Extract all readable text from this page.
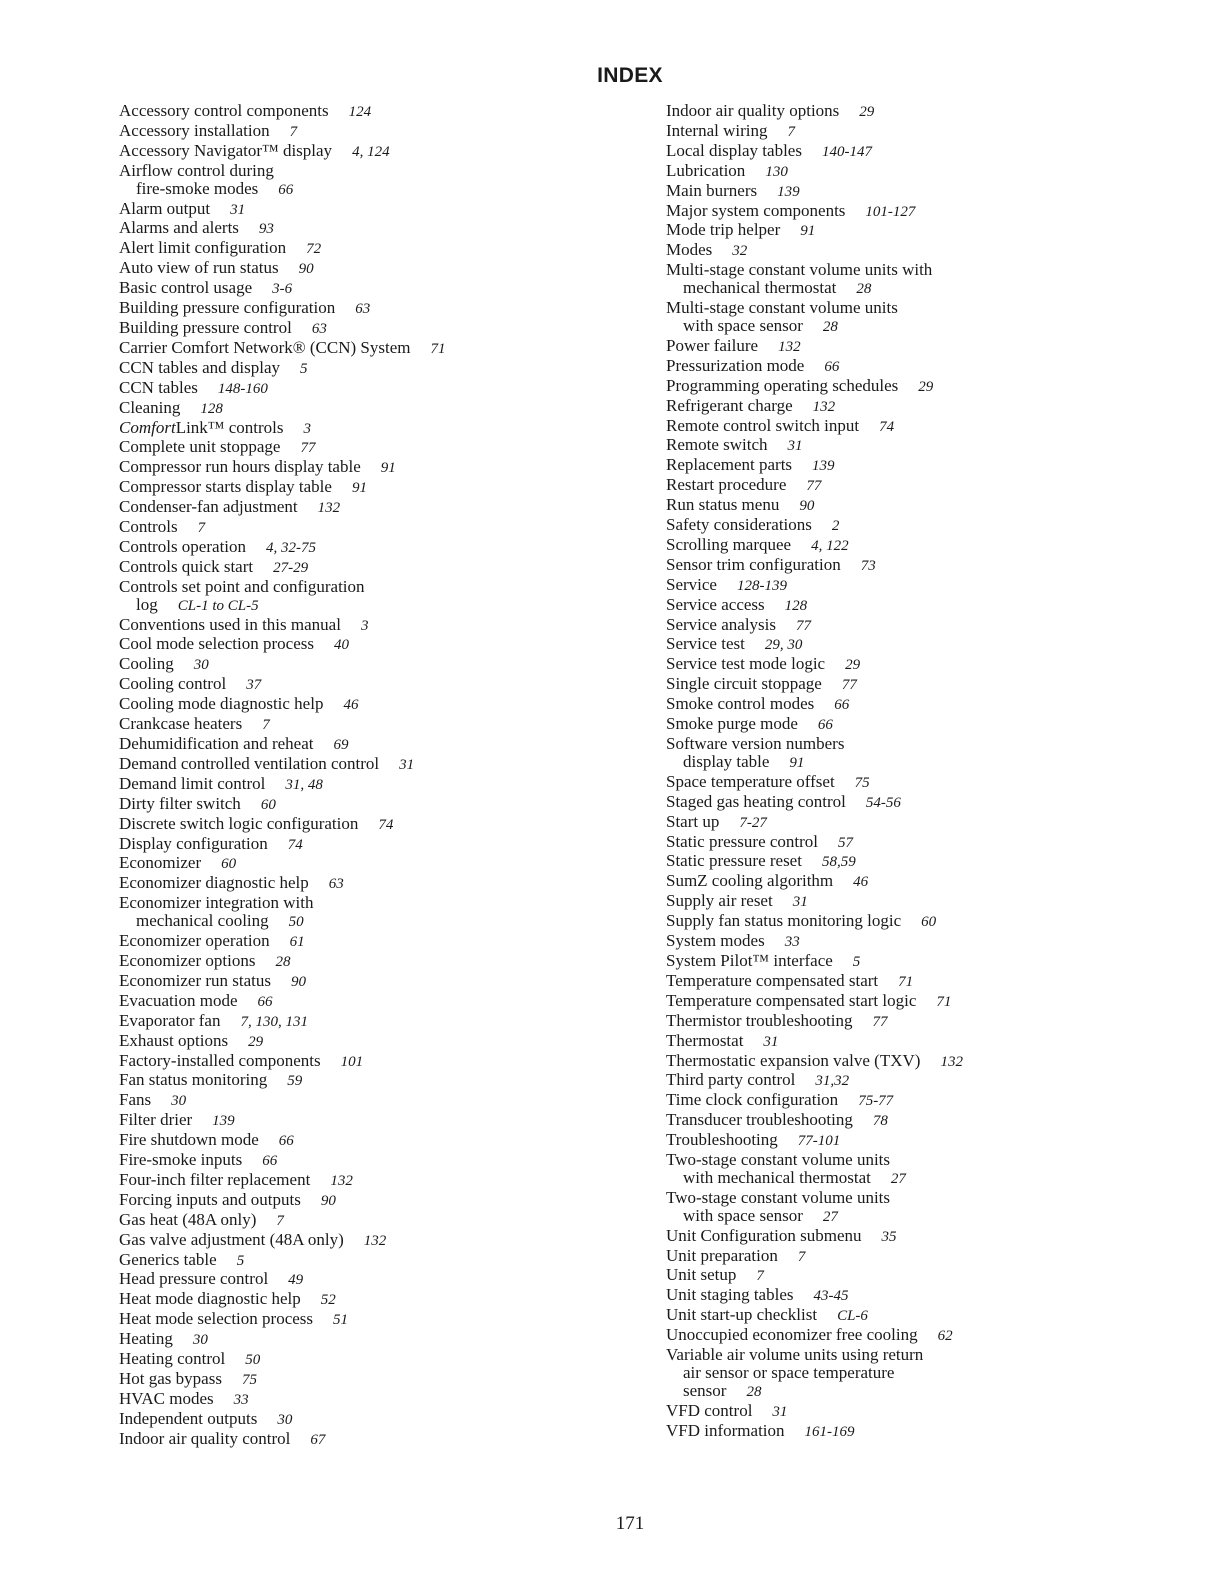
INDEX
Accessory control components 124
Accessory installation 7
Accessory Navigator™ display 4, 124
Airflow control during
fire-smoke modes 66
Alarm output 31
Alarms and alerts 93
Alert limit configuration 72
Auto view of run status 90
Basic control usage 3-6
Building pressure configuration 63
Building pressure control 63
Carrier Comfort Network® (CCN) System 71
CCN tables and display 5
CCN tables 148-160
Cleaning 128
ComfortLink™ controls 3
Complete unit stoppage 77
Compressor run hours display table 91
Compressor starts display table 91
Condenser-fan adjustment 132
Controls 7
Controls operation 4, 32-75
Controls quick start 27-29
Controls set point and configuration
log CL-1 to CL-5
Conventions used in this manual 3
Cool mode selection process 40
Cooling 30
Cooling control 37
Cooling mode diagnostic help 46
Crankcase heaters 7
Dehumidification and reheat 69
Demand controlled ventilation control 31
Demand limit control 31, 48
Dirty filter switch 60
Discrete switch logic configuration 74
Display configuration 74
Economizer 60
Economizer diagnostic help 63
Economizer integration with
mechanical cooling 50
Economizer operation 61
Economizer options 28
Economizer run status 90
Evacuation mode 66
Evaporator fan 7, 130, 131
Exhaust options 29
Factory-installed components 101
Fan status monitoring 59
Fans 30
Filter drier 139
Fire shutdown mode 66
Fire-smoke inputs 66
Four-inch filter replacement 132
Forcing inputs and outputs 90
Gas heat (48A only) 7
Gas valve adjustment (48A only) 132
Generics table 5
Head pressure control 49
Heat mode diagnostic help 52
Heat mode selection process 51
Heating 30
Heating control 50
Hot gas bypass 75
HVAC modes 33
Independent outputs 30
Indoor air quality control 67
Indoor air quality options 29
Internal wiring 7
Local display tables 140-147
Lubrication 130
Main burners 139
Major system components 101-127
Mode trip helper 91
Modes 32
Multi-stage constant volume units with
mechanical thermostat 28
Multi-stage constant volume units
with space sensor 28
Power failure 132
Pressurization mode 66
Programming operating schedules 29
Refrigerant charge 132
Remote control switch input 74
Remote switch 31
Replacement parts 139
Restart procedure 77
Run status menu 90
Safety considerations 2
Scrolling marquee 4, 122
Sensor trim configuration 73
Service 128-139
Service access 128
Service analysis 77
Service test 29, 30
Service test mode logic 29
Single circuit stoppage 77
Smoke control modes 66
Smoke purge mode 66
Software version numbers
display table 91
Space temperature offset 75
Staged gas heating control 54-56
Start up 7-27
Static pressure control 57
Static pressure reset 58,59
SumZ cooling algorithm 46
Supply air reset 31
Supply fan status monitoring logic 60
System modes 33
System Pilot™ interface 5
Temperature compensated start 71
Temperature compensated start logic 71
Thermistor troubleshooting 77
Thermostat 31
Thermostatic expansion valve (TXV) 132
Third party control 31,32
Time clock configuration 75-77
Transducer troubleshooting 78
Troubleshooting 77-101
Two-stage constant volume units
with mechanical thermostat 27
Two-stage constant volume units
with space sensor 27
Unit Configuration submenu 35
Unit preparation 7
Unit setup 7
Unit staging tables 43-45
Unit start-up checklist CL-6
Unoccupied economizer free cooling 62
Variable air volume units using return
air sensor or space temperature
sensor 28
VFD control 31
VFD information 161-169
171
